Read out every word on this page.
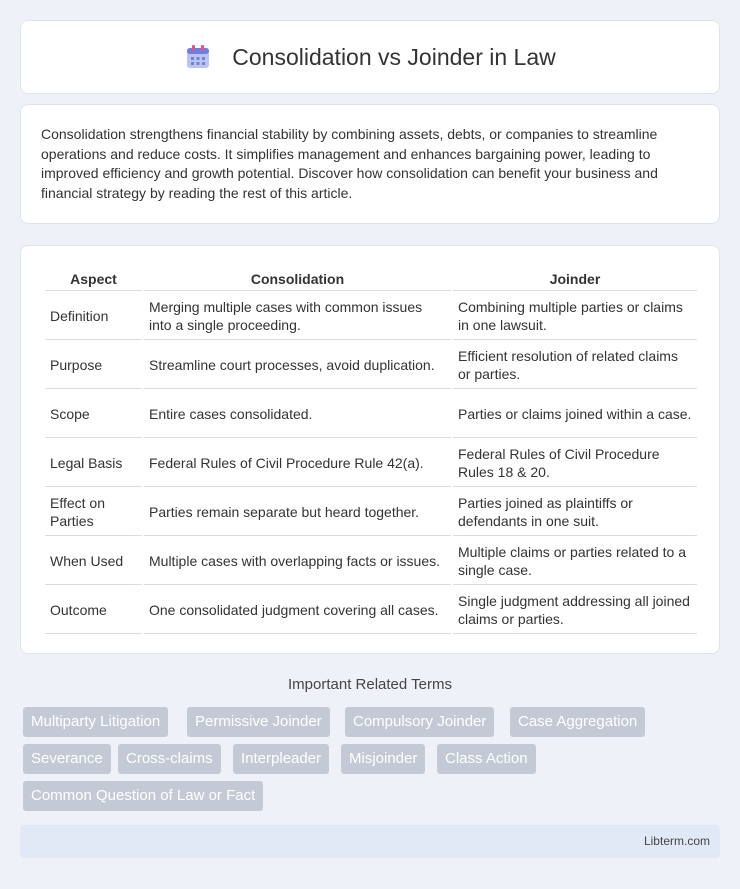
Consolidation vs Joinder in Law

Consolidation strengthens financial stability by combining assets, debts, or companies to streamline operations and reduce costs. It simplifies management and enhances bargaining power, leading to improved efficiency and growth potential. Discover how consolidation can benefit your business and financial strategy by reading the rest of this article.

Aspect	Consolidation	Joinder
Definition	Merging multiple cases with common issues into a single proceeding.	Combining multiple parties or claims in one lawsuit.
Purpose	Streamline court processes, avoid duplication.	Efficient resolution of related claims or parties.
Scope	Entire cases consolidated.	Parties or claims joined within a case.
Legal Basis	Federal Rules of Civil Procedure Rule 42(a).	Federal Rules of Civil Procedure Rules 18 & 20.
Effect on Parties	Parties remain separate but heard together.	Parties joined as plaintiffs or defendants in one suit.
When Used	Multiple cases with overlapping facts or issues.	Multiple claims or parties related to a single case.
Outcome	One consolidated judgment covering all cases.	Single judgment addressing all joined claims or parties.
Important Related Terms
Multiparty Litigation	Permissive Joinder	Compulsory Joinder	Case Aggregation
Severance	Cross-claims	Interpleader	Misjoinder	Class Action
Common Question of Law or Fact
Libterm.com
